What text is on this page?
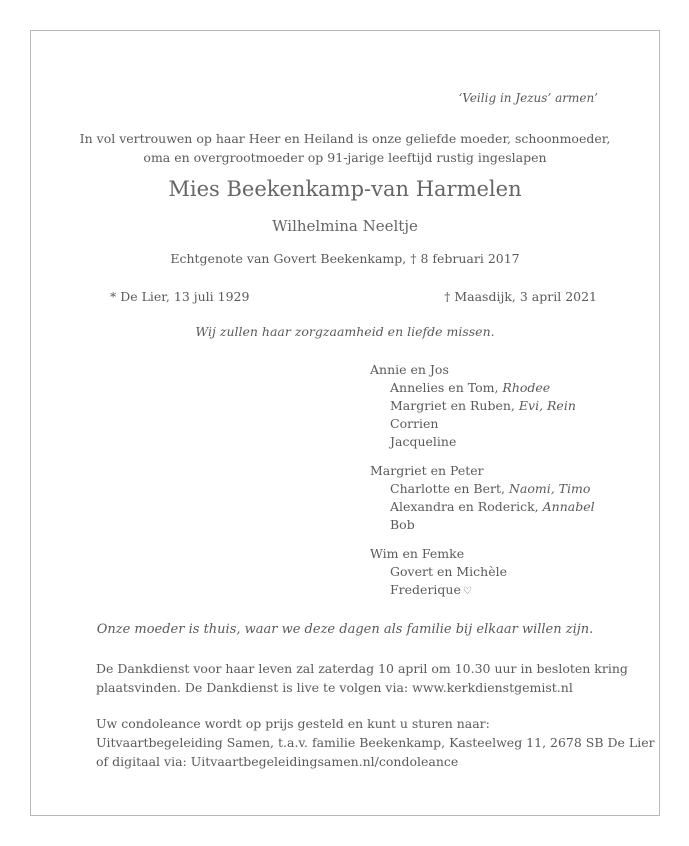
‘Veilig in Jezus’ armen’
In vol vertrouwen op haar Heer en Heiland is onze geliefde moeder, schoonmoeder,
oma en overgrootmoeder op 91-jarige leeftijd rustig ingeslapen
Mies Beekenkamp-van Harmelen
Wilhelmina Neeltje
Echtgenote van Govert Beekenkamp, † 8 februari 2017
* De Lier, 13 juli 1929	† Maasdijk, 3 april 2021
Wij zullen haar zorgzaamheid en liefde missen.
Annie en Jos
Annelies en Tom, Rhodee
Margriet en Ruben, Evi, Rein
Corrien
Jacqueline
Margriet en Peter
Charlotte en Bert, Naomi, Timo
Alexandra en Roderick, Annabel
Bob
Wim en Femke
Govert en Michèle
Frederique ♡
Onze moeder is thuis, waar we deze dagen als familie bij elkaar willen zijn.
De Dankdienst voor haar leven zal zaterdag 10 april om 10.30 uur in besloten kring
plaatsvinden. De Dankdienst is live te volgen via: www.kerkdienstgemist.nl
Uw condoleance wordt op prijs gesteld en kunt u sturen naar:
Uitvaartbegeleiding Samen, t.a.v. familie Beekenkamp, Kasteelweg 11, 2678 SB De Lier
of digitaal via: Uitvaartbegeleidingsamen.nl/condoleance
